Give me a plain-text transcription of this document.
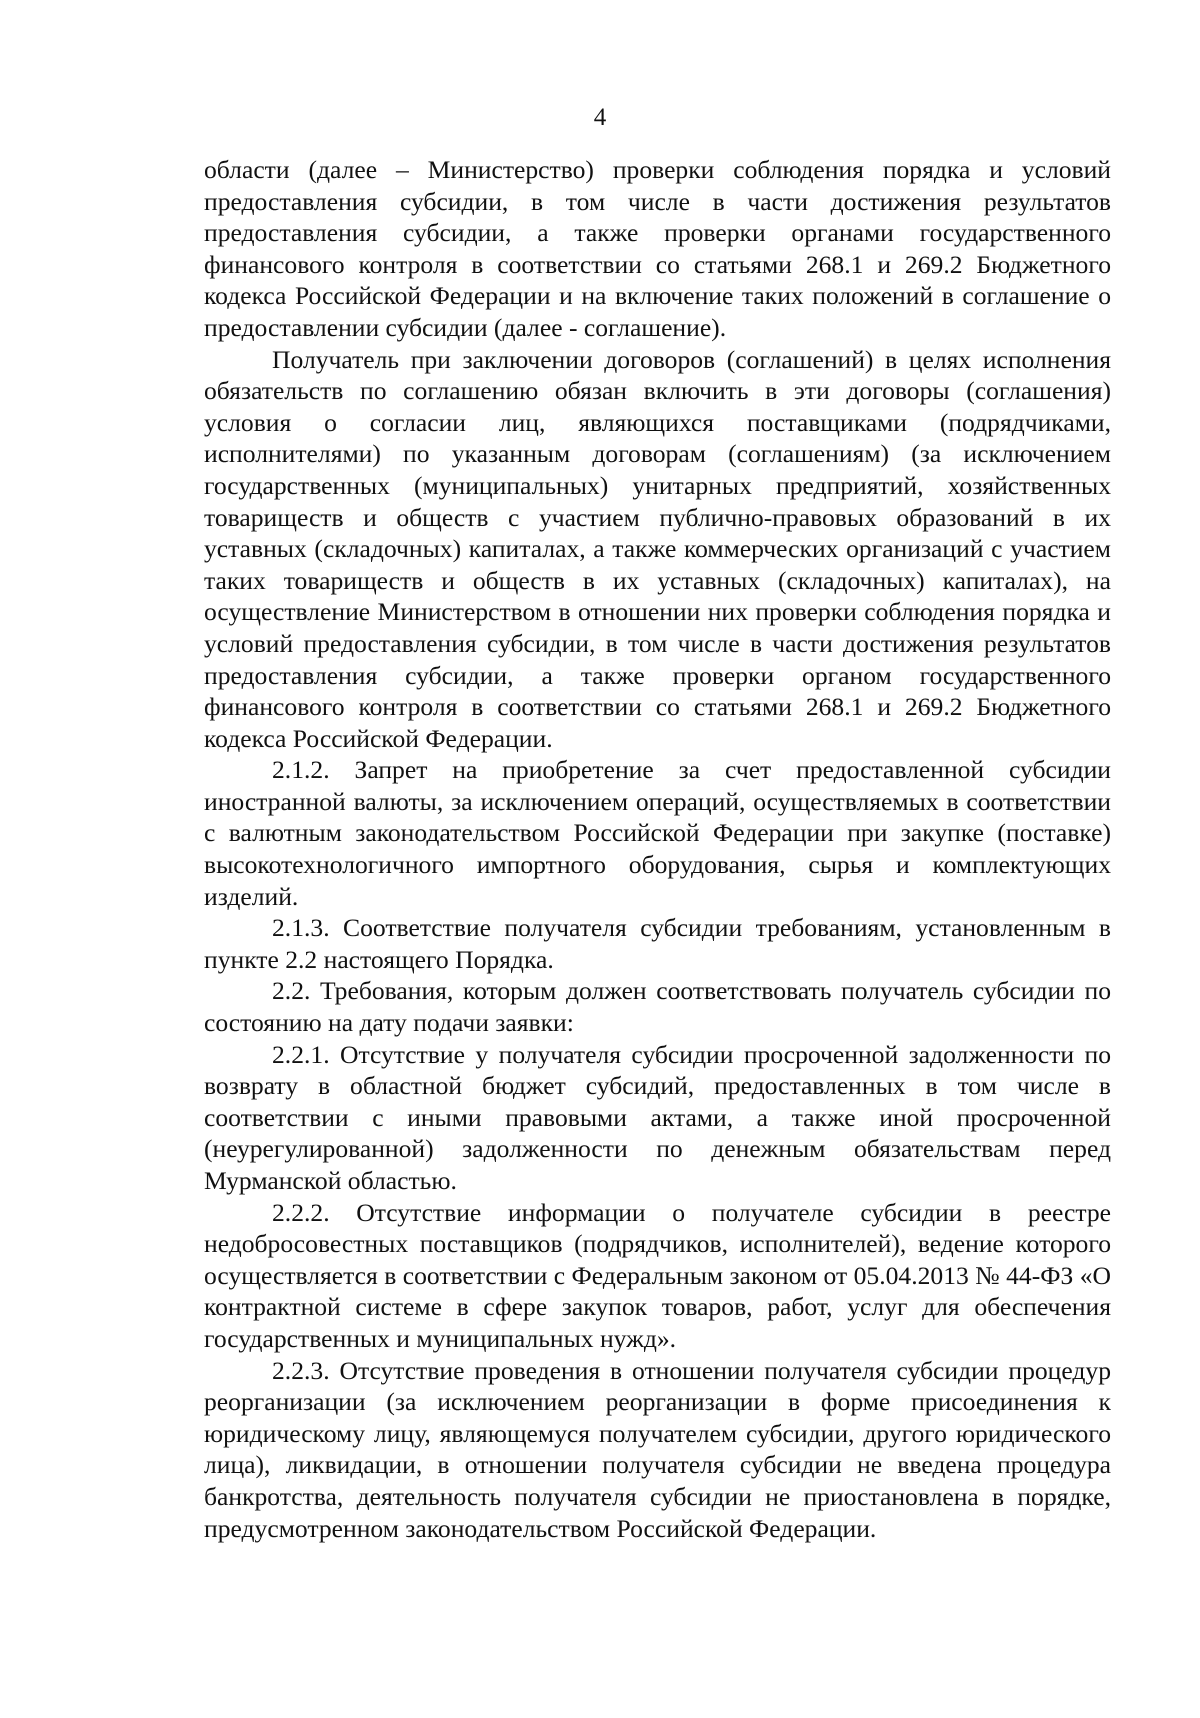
4

области (далее – Министерство) проверки соблюдения порядка и условий предоставления субсидии, в том числе в части достижения результатов предоставления субсидии, а также проверки органами государственного финансового контроля в соответствии со статьями 268.1 и 269.2 Бюджетного кодекса Российской Федерации и на включение таких положений в соглашение о предоставлении субсидии (далее - соглашение).

Получатель при заключении договоров (соглашений) в целях исполнения обязательств по соглашению обязан включить в эти договоры (соглашения) условия о согласии лиц, являющихся поставщиками (подрядчиками, исполнителями) по указанным договорам (соглашениям) (за исключением государственных (муниципальных) унитарных предприятий, хозяйственных товариществ и обществ с участием публично-правовых образований в их уставных (складочных) капиталах, а также коммерческих организаций с участием таких товариществ и обществ в их уставных (складочных) капиталах), на осуществление Министерством в отношении них проверки соблюдения порядка и условий предоставления субсидии, в том числе в части достижения результатов предоставления субсидии, а также проверки органом государственного финансового контроля в соответствии со статьями 268.1 и 269.2 Бюджетного кодекса Российской Федерации.

2.1.2. Запрет на приобретение за счет предоставленной субсидии иностранной валюты, за исключением операций, осуществляемых в соответствии с валютным законодательством Российской Федерации при закупке (поставке) высокотехнологичного импортного оборудования, сырья и комплектующих изделий.

2.1.3. Соответствие получателя субсидии требованиям, установленным в пункте 2.2 настоящего Порядка.

2.2. Требования, которым должен соответствовать получатель субсидии по состоянию на дату подачи заявки:

2.2.1. Отсутствие у получателя субсидии просроченной задолженности по возврату в областной бюджет субсидий, предоставленных в том числе в соответствии с иными правовыми актами, а также иной просроченной (неурегулированной) задолженности по денежным обязательствам перед Мурманской областью.

2.2.2. Отсутствие информации о получателе субсидии в реестре недобросовестных поставщиков (подрядчиков, исполнителей), ведение которого осуществляется в соответствии с Федеральным законом от 05.04.2013 № 44-ФЗ «О контрактной системе в сфере закупок товаров, работ, услуг для обеспечения государственных и муниципальных нужд».

2.2.3. Отсутствие проведения в отношении получателя субсидии процедур реорганизации (за исключением реорганизации в форме присоединения к юридическому лицу, являющемуся получателем субсидии, другого юридического лица), ликвидации, в отношении получателя субсидии не введена процедура банкротства, деятельность получателя субсидии не приостановлена в порядке, предусмотренном законодательством Российской Федерации.
